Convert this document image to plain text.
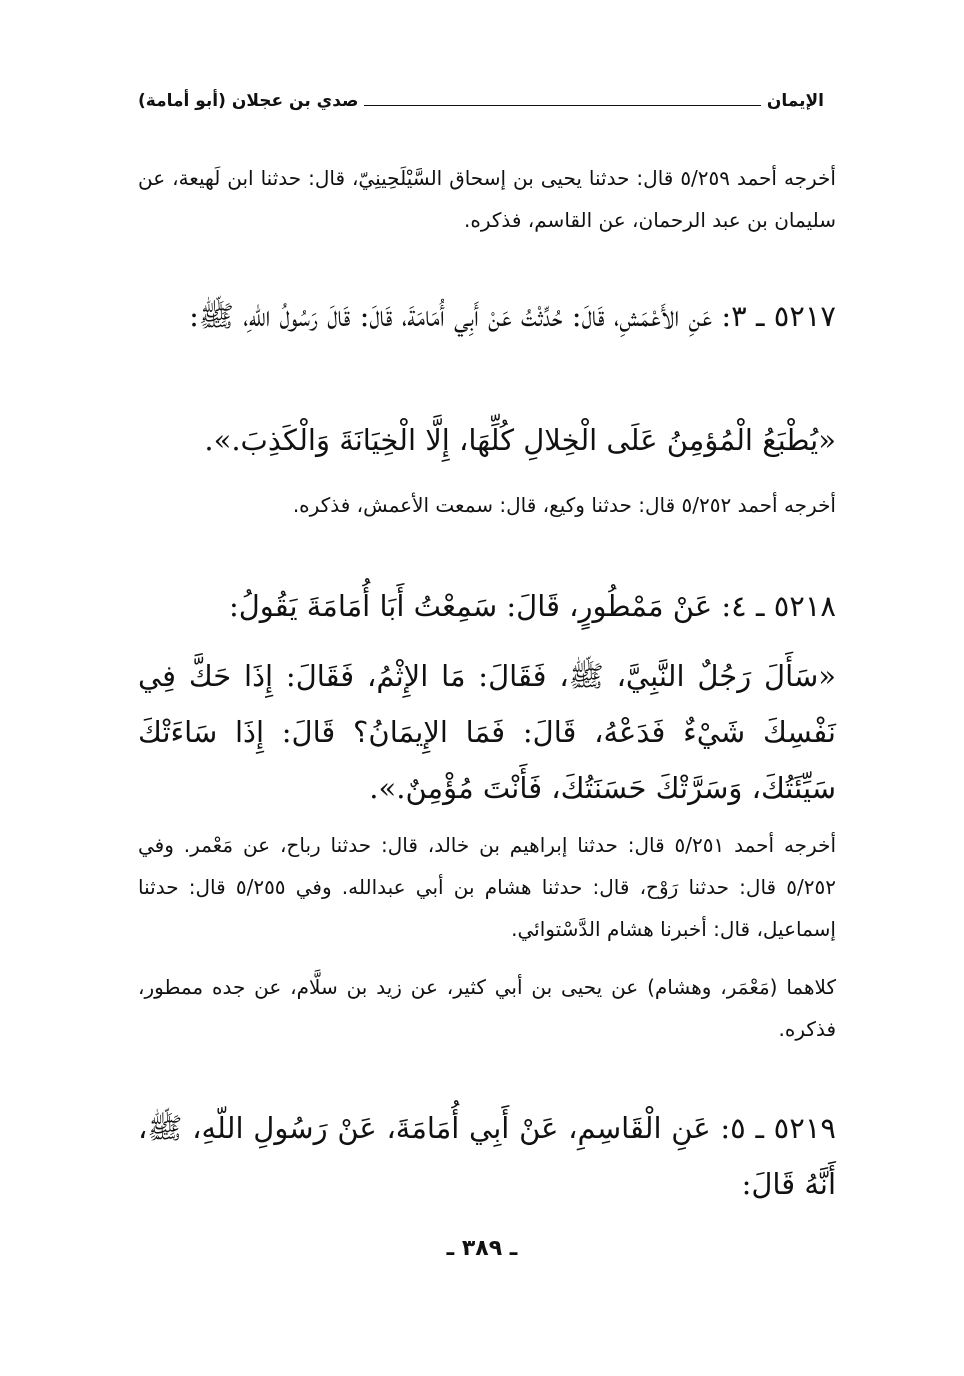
الإيمان
صدي بن عجلان (أبو أمامة)
أخرجه أحمد ٥/٢٥٩ قال: حدثنا يحيى بن إسحاق السَّيْلَحِينِيّ، قال: حدثنا ابن لَهيعة، عن سليمان بن عبد الرحمان، عن القاسم، فذكره.
٥٢١٧ ـ ٣: عَنِ الأَعْمَشِ، قَالَ: حُدِّثْتُ عَنْ أَبِي أُمَامَةَ، قَالَ: قَالَ رَسُولُ اللّهِ، ﷺ:
«يُطْبَعُ الْمُؤمِنُ عَلَى الْخِلالِ كُلِّهَا، إِلَّا الْخِيَانَةَ وَالْكَذِبَ.».
أخرجه أحمد ٥/٢٥٢ قال: حدثنا وكيع، قال: سمعت الأعمش، فذكره.
٥٢١٨ ـ ٤: عَنْ مَمْطُورٍ، قَالَ: سَمِعْتُ أَبَا أُمَامَةَ يَقُولُ:
«سَأَلَ رَجُلٌ النَّبِيَّ، ﷺ، فَقَالَ: مَا الإِثْمُ، فَقَالَ: إِذَا حَكَّ فِي نَفْسِكَ شَيْءٌ فَدَعْهُ، قَالَ: فَمَا الإِيمَانُ؟ قَالَ: إِذَا سَاءَتْكَ سَيِّئَتُكَ، وَسَرَّتْكَ حَسَنَتُكَ، فَأَنْتَ مُؤْمِنٌ.».
أخرجه أحمد ٥/٢٥١ قال: حدثنا إبراهيم بن خالد، قال: حدثنا رباح، عن مَعْمر. وفي ٥/٢٥٢ قال: حدثنا رَوْح، قال: حدثنا هشام بن أبي عبدالله. وفي ٥/٢٥٥ قال: حدثنا إسماعيل، قال: أخبرنا هشام الدَّسْتوائي.
كلاهما (مَعْمَر، وهشام) عن يحيى بن أبي كثير، عن زيد بن سلَّام، عن جده ممطور، فذكره.
٥٢١٩ ـ ٥: عَنِ الْقَاسِمِ، عَنْ أَبِي أُمَامَةَ، عَنْ رَسُولِ اللّهِ، ﷺ، أَنَّهُ قَالَ:
ـ ٣٨٩ ـ
